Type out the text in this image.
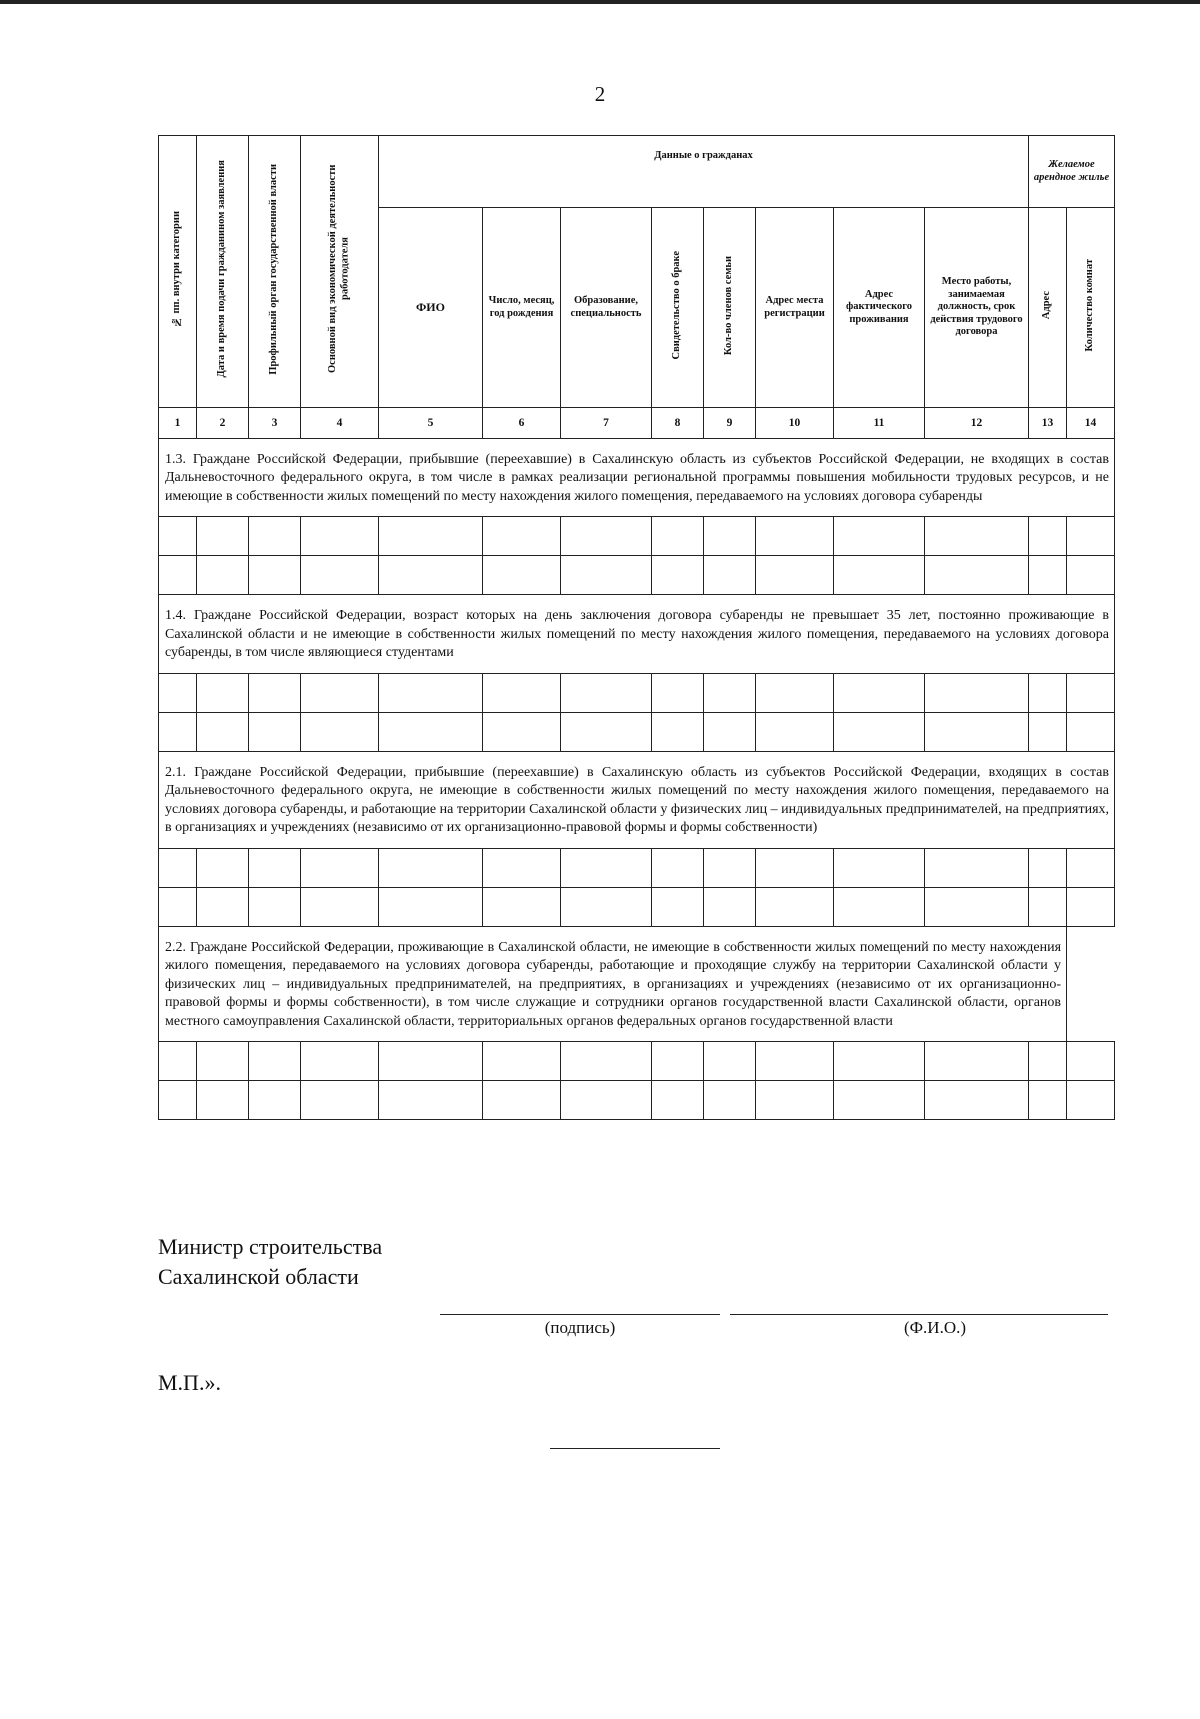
2
№ пп. внутри категории	Дата и время подачи гражданином заявления	Профильный орган государственной власти	Основной вид экономической деятельности работодателя	Данные о гражданах								Желаемое арендное жилье	
				ФИО	Число, месяц, год рождения	Образование, специальность	Свидетельство о браке	Кол-во членов семьи	Адрес места регистрации	Адрес фактического проживания	Место работы, занимаемая должность, срок действия трудового договора	Адрес	Количество комнат
1	2	3	4	5	6	7	8	9	10	11	12	13	14
1.3. Граждане Российской Федерации, прибывшие (переехавшие) в Сахалинскую область из субъектов Российской Федерации, не входящих в состав Дальневосточного федерального округа, в том числе в рамках реализации региональной программы повышения мобильности трудовых ресурсов, и не имеющие в собственности жилых помещений по месту нахождения жилого помещения, передаваемого на условиях договора субаренды													

1.4. Граждане Российской Федерации, возраст которых на день заключения договора субаренды не превышает 35 лет, постоянно проживающие в Сахалинской области и не имеющие в собственности жилых помещений по месту нахождения жилого помещения, передаваемого на условиях договора субаренды, в том числе являющиеся студентами													

2.1. Граждане Российской Федерации, прибывшие (переехавшие) в Сахалинскую область из субъектов Российской Федерации, входящих в состав Дальневосточного федерального округа, не имеющие в собственности жилых помещений по месту нахождения жилого помещения, передаваемого на условиях договора субаренды, и работающие на территории Сахалинской области у физических лиц – индивидуальных предпринимателей, на предприятиях, в организациях и учреждениях (независимо от их организационно-правовой формы и формы собственности)													

2.2. Граждане Российской Федерации, проживающие в Сахалинской области, не имеющие в собственности жилых помещений по месту нахождения жилого помещения, передаваемого на условиях договора субаренды, работающие и проходящие службу на территории Сахалинской области у физических лиц – индивидуальных предпринимателей, на предприятиях, в организациях и учреждениях (независимо от их организационно-правовой формы и формы собственности), в том числе служащие и сотрудники органов государственной власти Сахалинской области, органов местного самоуправления Сахалинской области, территориальных органов федеральных органов государственной власти													

Министр строительства
Сахалинской области
(подпись)	(Ф.И.О.)
М.П.».
